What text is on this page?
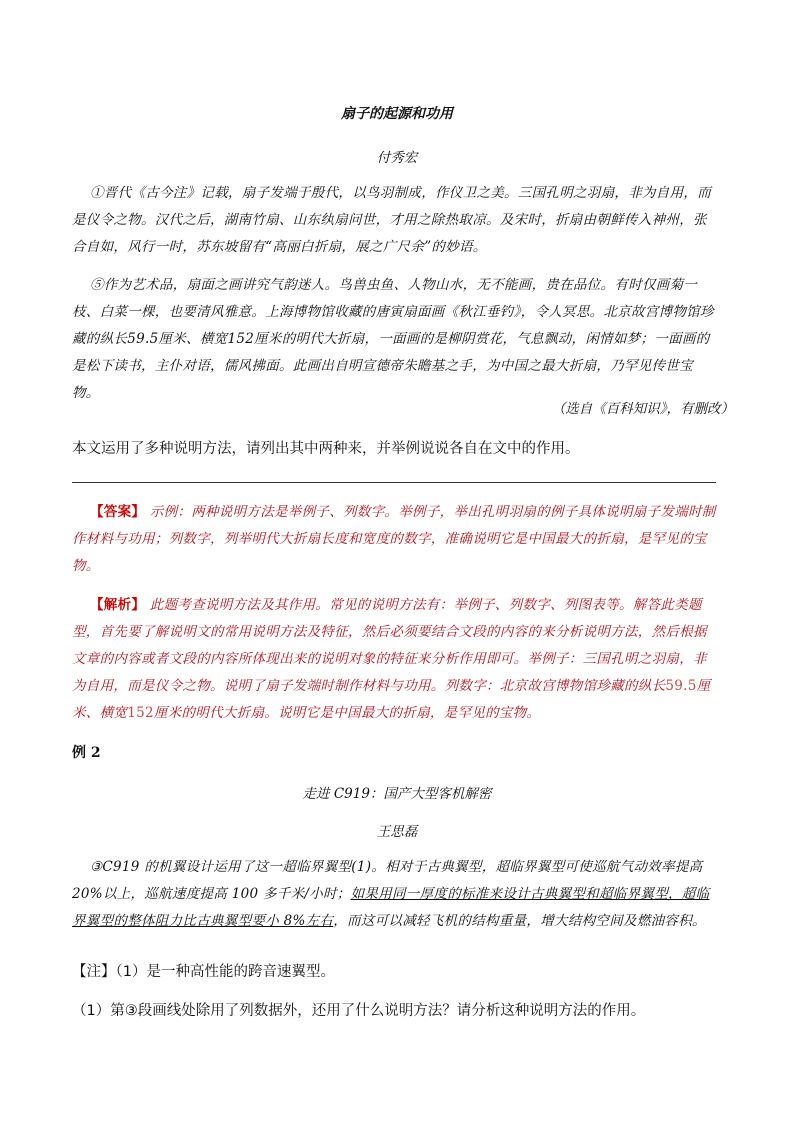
扇子的起源和功用
付秀宏
①晋代《古今注》记载，扇子发端于殷代，以鸟羽制成，作仪卫之美。三国孔明之羽扇，非为自用，而是仪令之物。汉代之后，湖南竹扇、山东纨扇问世，才用之除热取凉。及宋时，折扇由朝鲜传入神州，张合自如，风行一时，苏东坡留有“高丽白折扇，展之广尺余”的妙语。
⑤作为艺术品，扇面之画讲究气韵迷人。鸟兽虫鱼、人物山水，无不能画，贵在品位。有时仅画菊一枝、白菜一棵，也要清风雅意。上海博物馆收藏的唐寅扇面画《秋江垂钓》，令人冥思。北京故宫博物馆珍藏的纵长59.5厘米、横宽152厘米的明代大折扇，一面画的是柳阴赏花，气息飘动，闲情如梦；一面画的是松下读书，主仆对语，儒风拂面。此画出自明宣德帝朱瞻基之手，为中国之最大折扇，乃罕见传世宝物。
（选自《百科知识》，有删改）
本文运用了多种说明方法，请列出其中两种来，并举例说说各自在文中的作用。
【答案】 示例：两种说明方法是举例子、列数字。举例子，举出孔明羽扇的例子具体说明扇子发端时制作材料与功用；列数字，列举明代大折扇长度和宽度的数字，准确说明它是中国最大的折扇，是罕见的宝物。
【解析】 此题考查说明方法及其作用。常见的说明方法有：举例子、列数字、列图表等。解答此类题型，首先要了解说明文的常用说明方法及特征，然后必须要结合文段的内容的来分析说明方法，然后根据文章的内容或者文段的内容所体现出来的说明对象的特征来分析作用即可。举例子：三国孔明之羽扇，非为自用，而是仪令之物。说明了扇子发端时制作材料与功用。列数字：北京故宫博物馆珍藏的纵长59.5厘米、横宽152厘米的明代大折扇。说明它是中国最大的折扇，是罕见的宝物。
例 2
走进 C919：国产大型客机解密
王思磊
③C919 的机翼设计运用了这一超临界翼型(1)。相对于古典翼型，超临界翼型可使巡航气动效率提高 20%以上，巡航速度提高 100 多千米/小时；如果用同一厚度的标准来设计古典翼型和超临界翼型，超临界翼型的整体阻力比古典翼型要小 8%左右，而这可以减轻飞机的结构重量，增大结构空间及燃油容积。
【注】（1）是一种高性能的跨音速翼型。
（1）第③段画线处除用了列数据外，还用了什么说明方法？请分析这种说明方法的作用。
